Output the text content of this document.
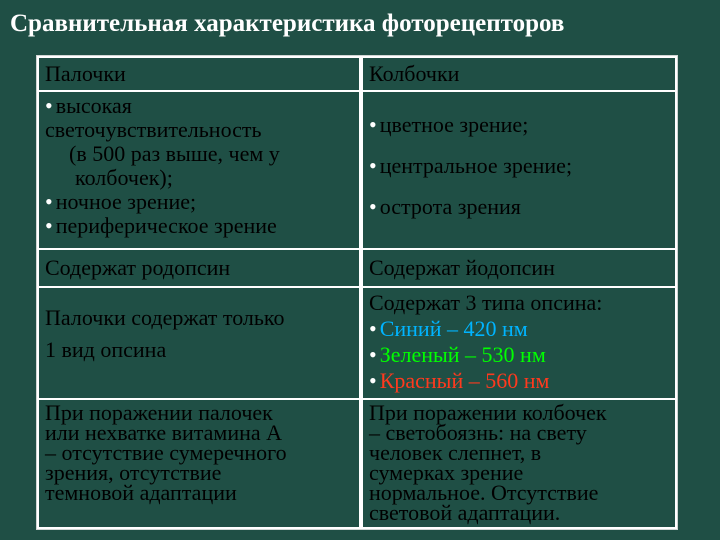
Сравнительная характеристика фоторецепторов
Палочки	Колбочки
• высокая
светочувствительность
(в 500 раз выше, чем у
колбочек);
• ночное зрение;
• периферическое зрение
• цветное зрение;
• центральное зрение;
• острота зрения
Содержат родопсин	Содержат йодопсин
Палочки содержат только
1 вид опсина
Содержат 3 типа опсина:
• Синий – 420 нм
• Зеленый – 530 нм
• Красный – 560 нм
При поражении палочек
или нехватке витамина А
– отсутствие сумеречного
зрения, отсутствие
темновой адаптации
При поражении колбочек
– светобоязнь: на свету
человек слепнет, в
сумерках зрение
нормальное. Отсутствие
световой адаптации.
